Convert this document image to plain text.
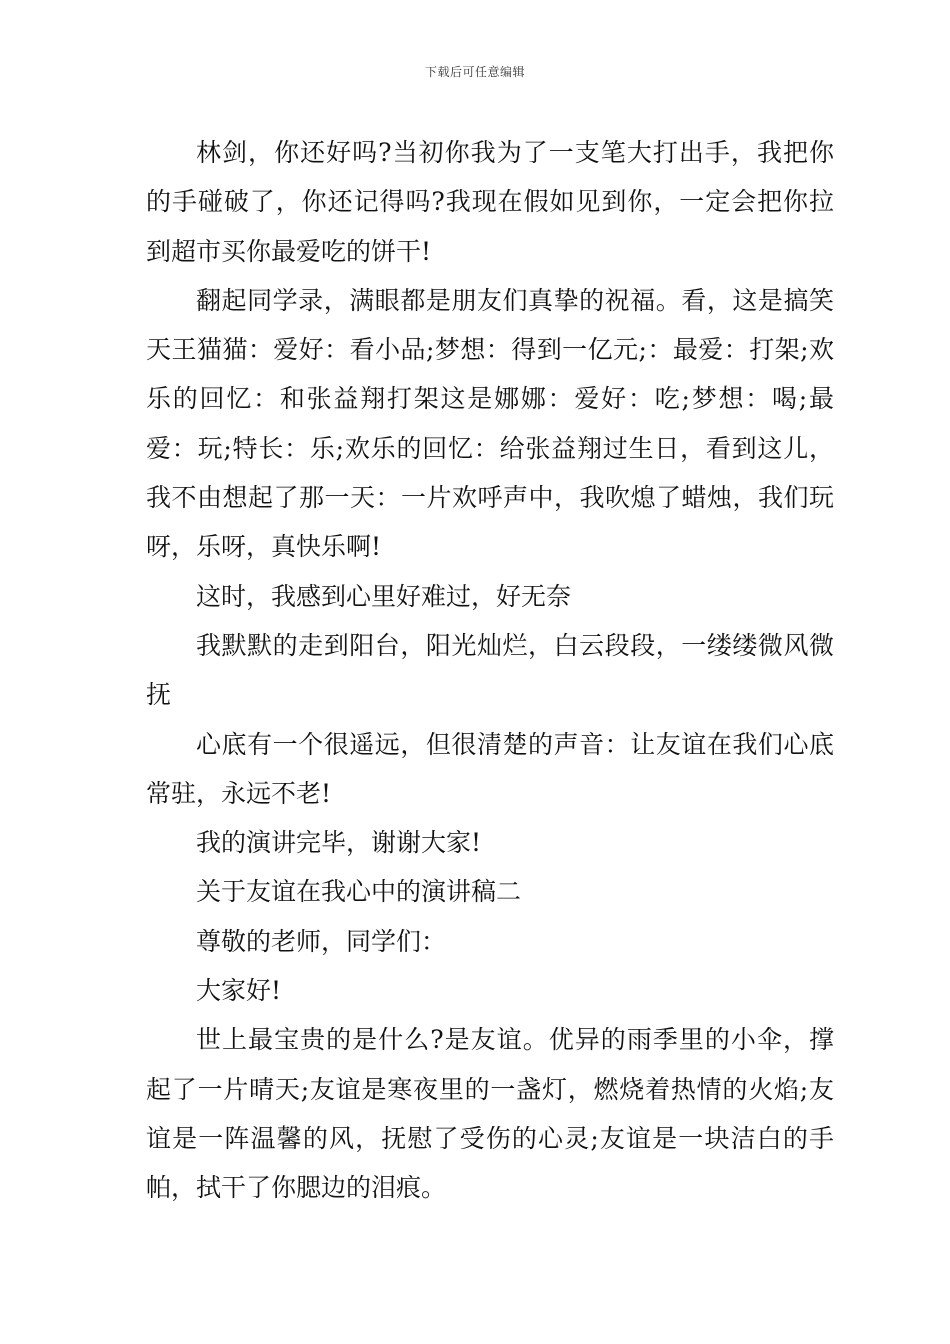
下载后可任意编辑

林剑，你还好吗?当初你我为了一支笔大打出手，我把你的手碰破了，你还记得吗?我现在假如见到你，一定会把你拉到超市买你最爱吃的饼干!

翻起同学录，满眼都是朋友们真挚的祝福。看，这是搞笑天王猫猫：爱好：看小品;梦想：得到一亿元;：最爱：打架;欢乐的回忆：和张益翔打架这是娜娜：爱好：吃;梦想：喝;最爱：玩;特长：乐;欢乐的回忆：给张益翔过生日，看到这儿，我不由想起了那一天：一片欢呼声中，我吹熄了蜡烛，我们玩呀，乐呀，真快乐啊!

这时，我感到心里好难过，好无奈

我默默的走到阳台，阳光灿烂，白云段段，一缕缕微风微抚

心底有一个很遥远，但很清楚的声音：让友谊在我们心底常驻，永远不老!

我的演讲完毕，谢谢大家!

关于友谊在我心中的演讲稿二

尊敬的老师，同学们：

大家好!

世上最宝贵的是什么?是友谊。优异的雨季里的小伞，撑起了一片晴天;友谊是寒夜里的一盏灯，燃烧着热情的火焰;友谊是一阵温馨的风，抚慰了受伤的心灵;友谊是一块洁白的手帕，拭干了你腮边的泪痕。
